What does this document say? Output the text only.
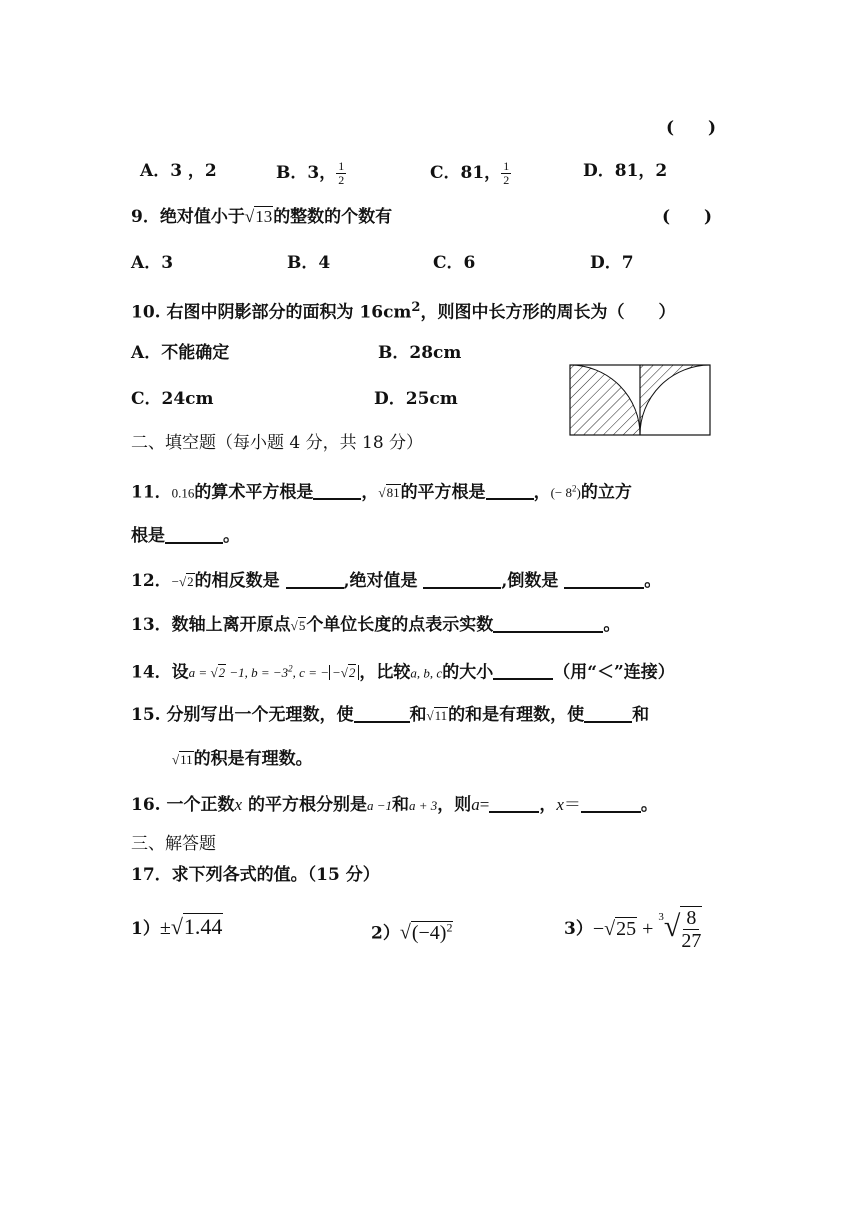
(　　)
A．3 ，2	B．3， $\frac{1}{2}$	C．81， $\frac{1}{2}$	D．81，2
9．绝对值小于√13的整数的个数有	(　　)
A．3	B．4	C．6	D．7
10. 右图中阴影部分的面积为 $16cm^2$，则图中长方形的周长为（　　）
A．不能确定	B．28cm
C．24cm	D．25cm
二、填空题（每小题 4 分，共 18 分）
11．0.16的算术平方根是	，√81的平方根是	，(− $8^2$)的立方
根是	。
12．−√2的相反数是	,绝对值是	,倒数是	。
13．数轴上离开原点√5个单位长度的点表示实数	。
14．设a = √2 −1, $b = -3^2$, c = − −√2 ，比较a, b, c的大小	（用“＜”连接）
15. 分别写出一个无理数，使	和√11的和是有理数，使	和
√11的积是有理数。
16. 一个正数x 的平方根分别是a −1和a + 3，则a=	，x＝	。
三、解答题
17．求下列各式的值。（15 分）
1）±√1.44	$2)√(-4)^2$	$3)-√25 + ^3√ \frac{8}{27}$
